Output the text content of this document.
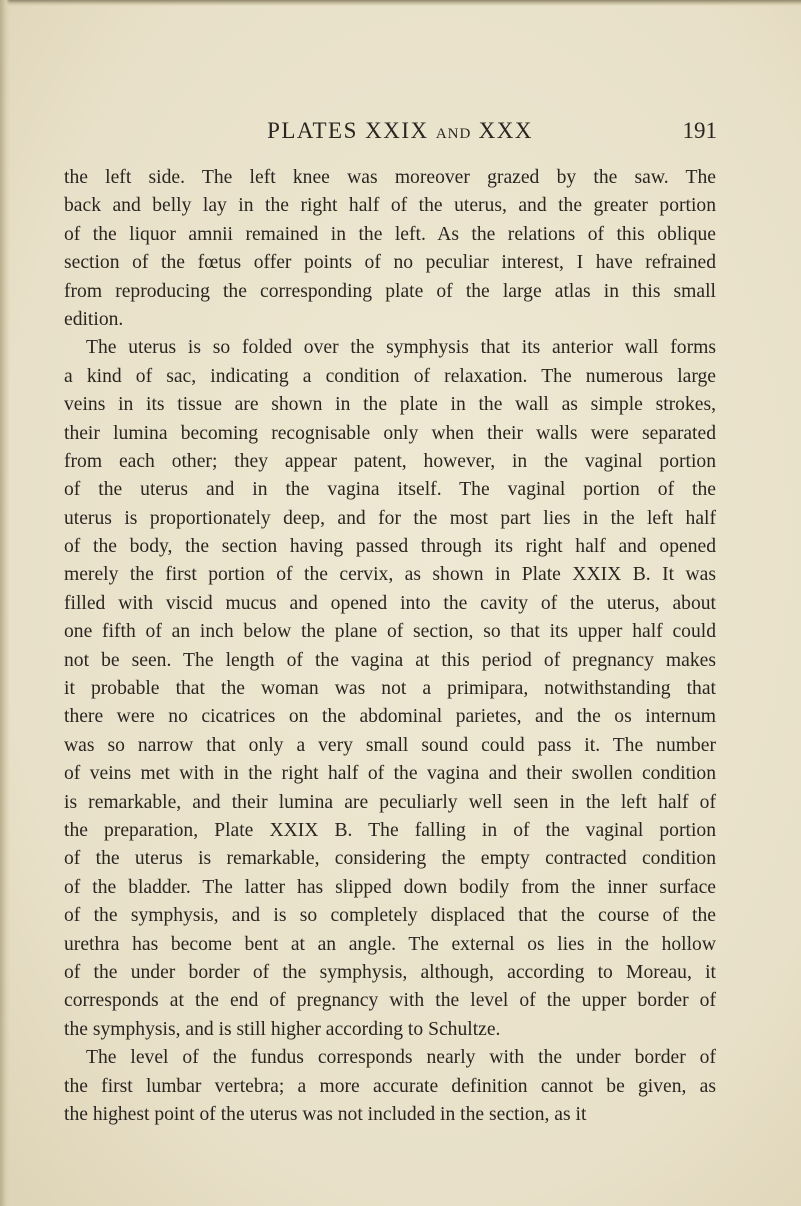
PLATES XXIX AND XXX	191
the left side. The left knee was moreover grazed by the saw. The
back and belly lay in the right half of the uterus, and the greater portion
of the liquor amnii remained in the left. As the relations of this oblique
section of the fœtus offer points of no peculiar interest, I have refrained
from reproducing the corresponding plate of the large atlas in this small
edition.
The uterus is so folded over the symphysis that its anterior wall forms
a kind of sac, indicating a condition of relaxation. The numerous large
veins in its tissue are shown in the plate in the wall as simple strokes,
their lumina becoming recognisable only when their walls were separated
from each other; they appear patent, however, in the vaginal portion
of the uterus and in the vagina itself. The vaginal portion of the
uterus is proportionately deep, and for the most part lies in the left half
of the body, the section having passed through its right half and opened
merely the first portion of the cervix, as shown in Plate XXIX B. It was
filled with viscid mucus and opened into the cavity of the uterus, about
one fifth of an inch below the plane of section, so that its upper half could
not be seen. The length of the vagina at this period of pregnancy makes
it probable that the woman was not a primipara, notwithstanding that
there were no cicatrices on the abdominal parietes, and the os internum
was so narrow that only a very small sound could pass it. The number
of veins met with in the right half of the vagina and their swollen condition
is remarkable, and their lumina are peculiarly well seen in the left half of
the preparation, Plate XXIX B. The falling in of the vaginal portion
of the uterus is remarkable, considering the empty contracted condition
of the bladder. The latter has slipped down bodily from the inner surface
of the symphysis, and is so completely displaced that the course of the
urethra has become bent at an angle. The external os lies in the hollow
of the under border of the symphysis, although, according to Moreau, it
corresponds at the end of pregnancy with the level of the upper border of
the symphysis, and is still higher according to Schultze.
The level of the fundus corresponds nearly with the under border of
the first lumbar vertebra; a more accurate definition cannot be given, as
the highest point of the uterus was not included in the section, as it
